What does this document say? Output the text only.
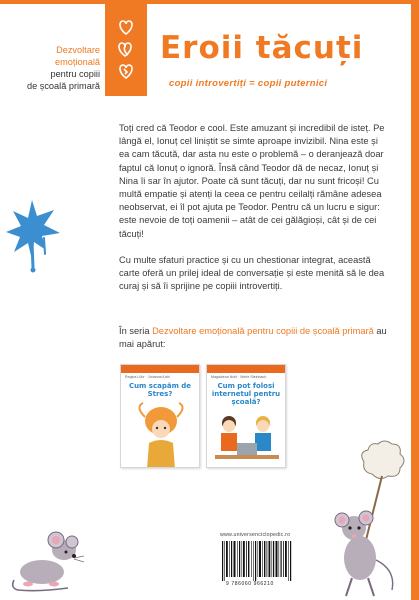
Dezvoltare
emoțională
pentru copiii
de școală primară
Eroii tăcuți
copii introvertiți = copii puternici

Toți cred că Teodor e cool. Este amuzant și incredibil de isteț. Pe lângă el, Ionuț cel liniștit se simte aproape invizibil. Nina este și ea cam tăcută, dar asta nu este o problemă – o deranjează doar faptul că Ionuț o ignoră. Însă când Teodor dă de necaz, Ionuț și Nina îi sar în ajutor. Poate că sunt tăcuți, dar nu sunt fricoși! Cu multă empatie și atenți la ceea ce pentru ceilalți rămâne adesea neobservat, ei îl pot ajuta pe Teodor. Pentru că un lucru e sigur: este nevoie de toți oamenii – atât de cei gălăgioși, cât și de cei tăcuți!

Cu multe sfaturi practice și cu un chestionar integrat, această carte oferă un prilej ideal de conversație și este menită să le dea curaj și să îi sprijine pe copiii introvertiți.

În seria Dezvoltare emoțională pentru copiii de școală primară au mai apărut:
Regina Lühr · Johanna Kahl
Cum scapăm de Stres?
Magdalena Nohl · Merle Steinbach
Cum pot folosi internetul pentru școală?
www.universenciclopedic.ro
9 786060 966210
